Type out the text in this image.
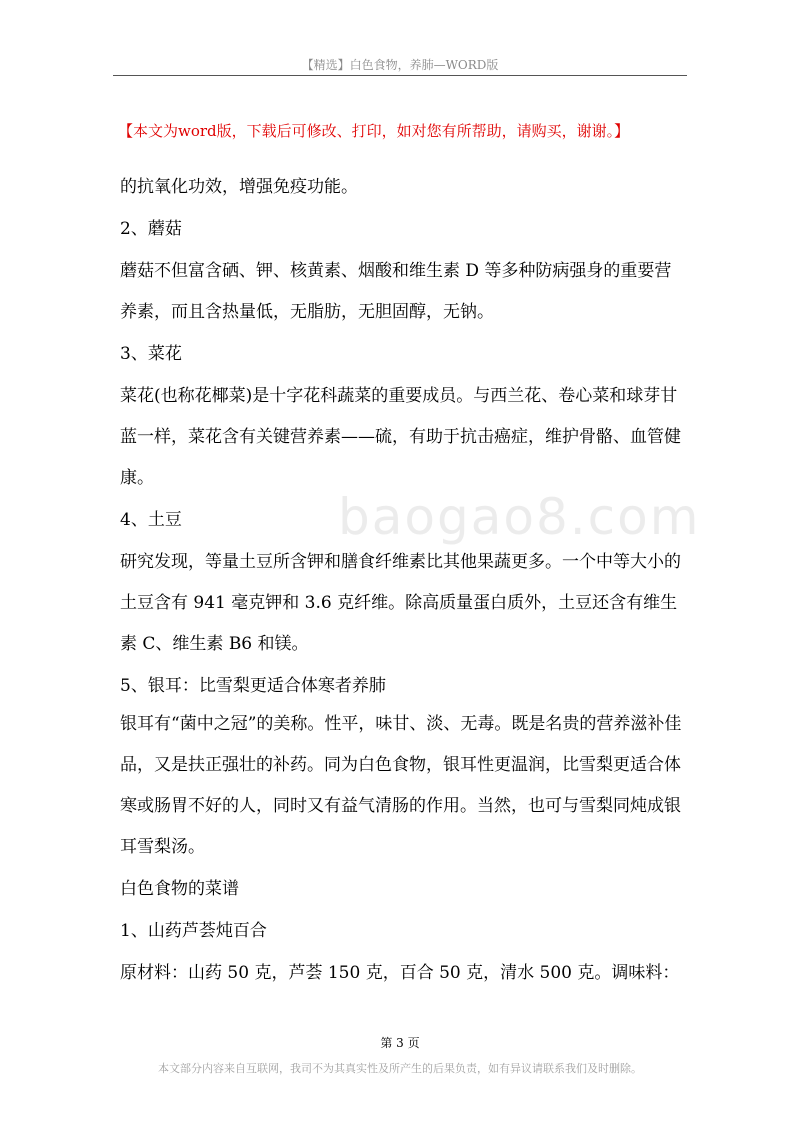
【精选】白色食物，养肺—WORD版
【本文为word版，下载后可修改、打印，如对您有所帮助，请购买，谢谢。】
baogao8.com

的抗氧化功效，增强免疫功能。

2、蘑菇

蘑菇不但富含硒、钾、核黄素、烟酸和维生素 D 等多种防病强身的重要营养素，而且含热量低，无脂肪，无胆固醇，无钠。

3、菜花

菜花(也称花椰菜)是十字花科蔬菜的重要成员。与西兰花、卷心菜和球芽甘蓝一样，菜花含有关键营养素——硫，有助于抗击癌症，维护骨骼、血管健康。

4、土豆

研究发现，等量土豆所含钾和膳食纤维素比其他果蔬更多。一个中等大小的土豆含有 941 毫克钾和 3.6 克纤维。除高质量蛋白质外，土豆还含有维生素 C、维生素 B6 和镁。

5、银耳：比雪梨更适合体寒者养肺

银耳有“菌中之冠”的美称。性平，味甘、淡、无毒。既是名贵的营养滋补佳品，又是扶正强壮的补药。同为白色食物，银耳性更温润，比雪梨更适合体寒或肠胃不好的人，同时又有益气清肠的作用。当然，也可与雪梨同炖成银耳雪梨汤。

白色食物的菜谱

1、山药芦荟炖百合

原材料：山药 50 克，芦荟 150 克，百合 50 克，清水 500 克。调味料：

第 3 页
本文部分内容来自互联网，我司不为其真实性及所产生的后果负责，如有异议请联系我们及时删除。
